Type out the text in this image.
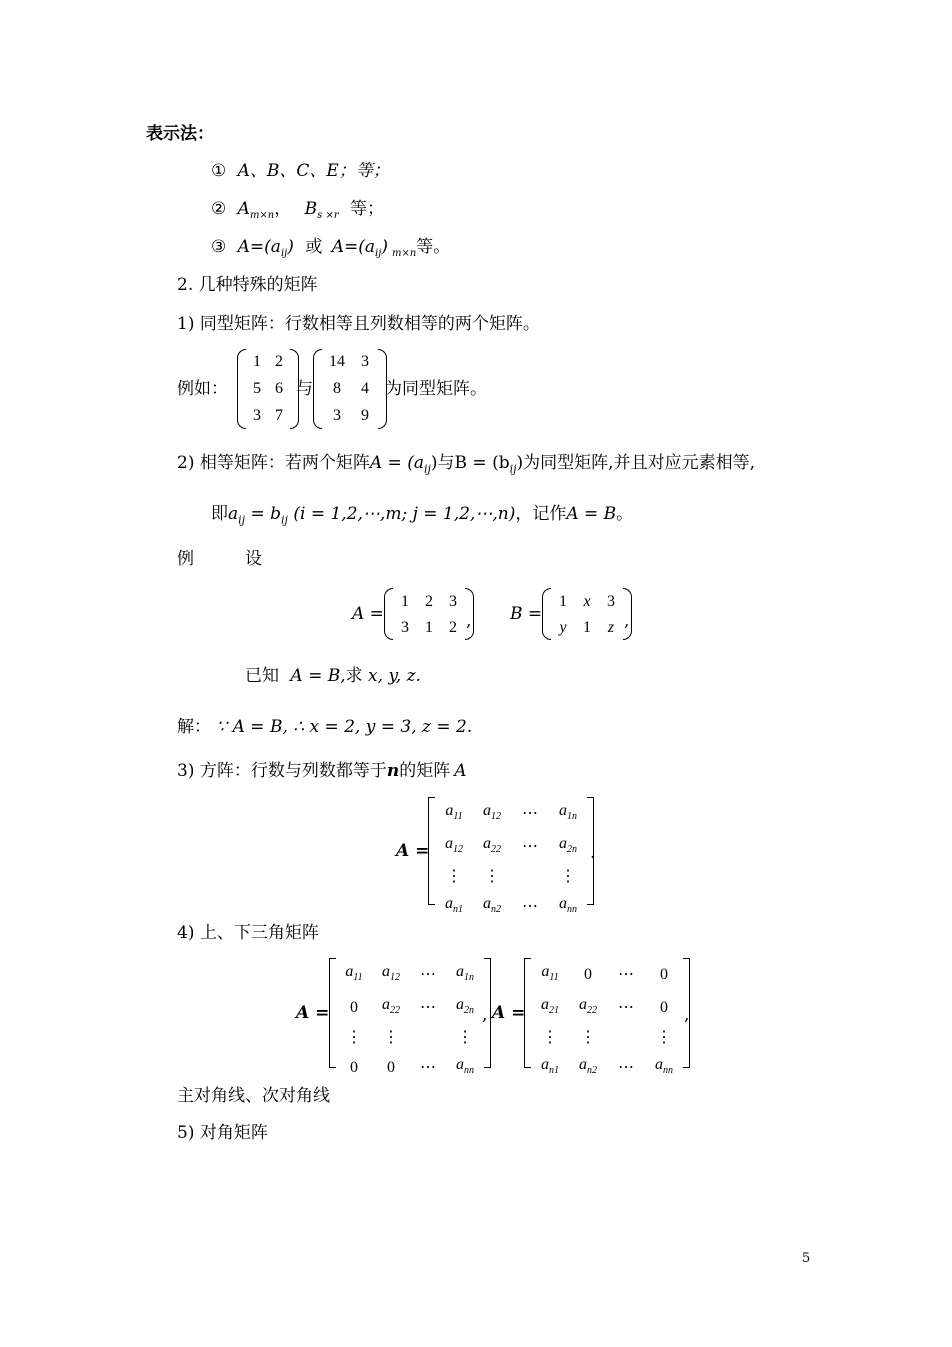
表示法：
① A、B、C、E；等；
② $A_{m\times n}$， $B_{s \times r}$ 等；
③ $A=(a_{ij})$ 或 $A=(a_{ij})$ $_{m\times n}$等。
2. 几种特殊的矩阵
1) 同型矩阵：行数相等且列数相等的两个矩阵。
例如：
1 2
5 6
3 7
与
14 3
8 4
3 9
为同型矩阵。
2) 相等矩阵：若两个矩阵$A = (a_{ij})$与$B = (b_{ij})$为同型矩阵,并且对应元素相等,
即$a_{ij} = b_{ij}$ (i = 1,2,⋯,m; j = 1,2,⋯,n)，记作A = B。
例	设
A =
1 2 3
3 1 2 , B =
1 x 3
y 1 z ,
已知 A = B,求 x, y, z.
解： ∵ A = B, ∴ x = 2, y = 3, z = 2.
3) 方阵：行数与列数都等于n的矩阵 A
A =
$a_{11}$ $a_{12}$ ⋯ $a_{1n}$
$a_{12}$ $a_{22}$ ⋯ $a_{2n}$
⋮ ⋮	⋮
$a_{n1}$ $a_{n2}$ ⋯ $a_{nn}$
.
4) 上、下三角矩阵
A =
$a_{11}$ $a_{12}$ ⋯ $a_{1n}$
0 $a_{22}$ ⋯ $a_{2n}$
⋮ ⋮	⋮
0 0 ⋯ $a_{nn}$
, A =
$a_{11}$ 0 ⋯ 0
$a_{21}$ $a_{22}$ ⋯ 0
⋮ ⋮	⋮
$a_{n1}$ $a_{n2}$ ⋯ $a_{nn}$
,
主对角线、次对角线
5) 对角矩阵
5
